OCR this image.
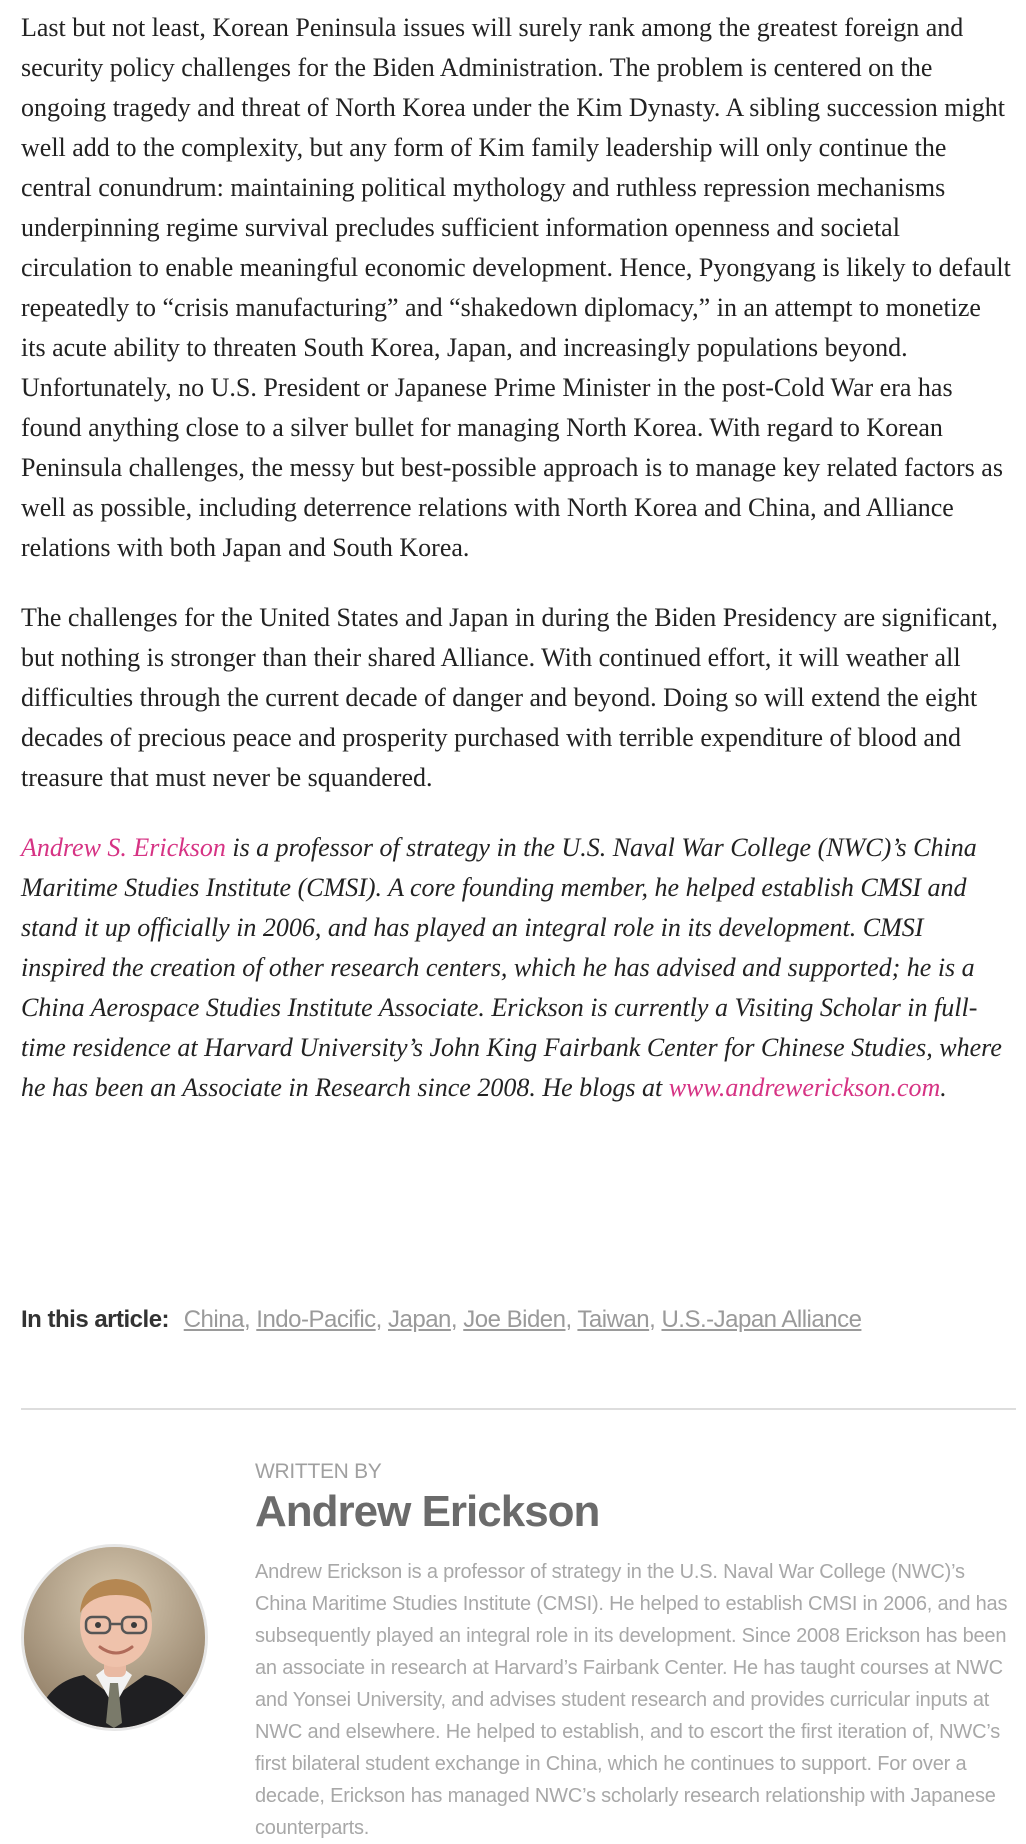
Last but not least, Korean Peninsula issues will surely rank among the greatest foreign and security policy challenges for the Biden Administration. The problem is centered on the ongoing tragedy and threat of North Korea under the Kim Dynasty. A sibling succession might well add to the complexity, but any form of Kim family leadership will only continue the central conundrum: maintaining political mythology and ruthless repression mechanisms underpinning regime survival precludes sufficient information openness and societal circulation to enable meaningful economic development. Hence, Pyongyang is likely to default repeatedly to “crisis manufacturing” and “shakedown diplomacy,” in an attempt to monetize its acute ability to threaten South Korea, Japan, and increasingly populations beyond. Unfortunately, no U.S. President or Japanese Prime Minister in the post-Cold War era has found anything close to a silver bullet for managing North Korea. With regard to Korean Peninsula challenges, the messy but best-possible approach is to manage key related factors as well as possible, including deterrence relations with North Korea and China, and Alliance relations with both Japan and South Korea.

The challenges for the United States and Japan in during the Biden Presidency are significant, but nothing is stronger than their shared Alliance. With continued effort, it will weather all difficulties through the current decade of danger and beyond. Doing so will extend the eight decades of precious peace and prosperity purchased with terrible expenditure of blood and treasure that must never be squandered.

Andrew S. Erickson is a professor of strategy in the U.S. Naval War College (NWC)’s China Maritime Studies Institute (CMSI). A core founding member, he helped establish CMSI and stand it up officially in 2006, and has played an integral role in its development. CMSI inspired the creation of other research centers, which he has advised and supported; he is a China Aerospace Studies Institute Associate. Erickson is currently a Visiting Scholar in full-time residence at Harvard University’s John King Fairbank Center for Chinese Studies, where he has been an Associate in Research since 2008. He blogs at www.andrewerickson.com.

In this article: China, Indo-Pacific, Japan, Joe Biden, Taiwan, U.S.-Japan Alliance
WRITTEN BY
Andrew Erickson
Andrew Erickson is a professor of strategy in the U.S. Naval War College (NWC)’s China Maritime Studies Institute (CMSI). He helped to establish CMSI in 2006, and has subsequently played an integral role in its development. Since 2008 Erickson has been an associate in research at Harvard’s Fairbank Center. He has taught courses at NWC and Yonsei University, and advises student research and provides curricular inputs at NWC and elsewhere. He helped to establish, and to escort the first iteration of, NWC’s first bilateral student exchange in China, which he continues to support. For over a decade, Erickson has managed NWC’s scholarly research relationship with Japanese counterparts.
